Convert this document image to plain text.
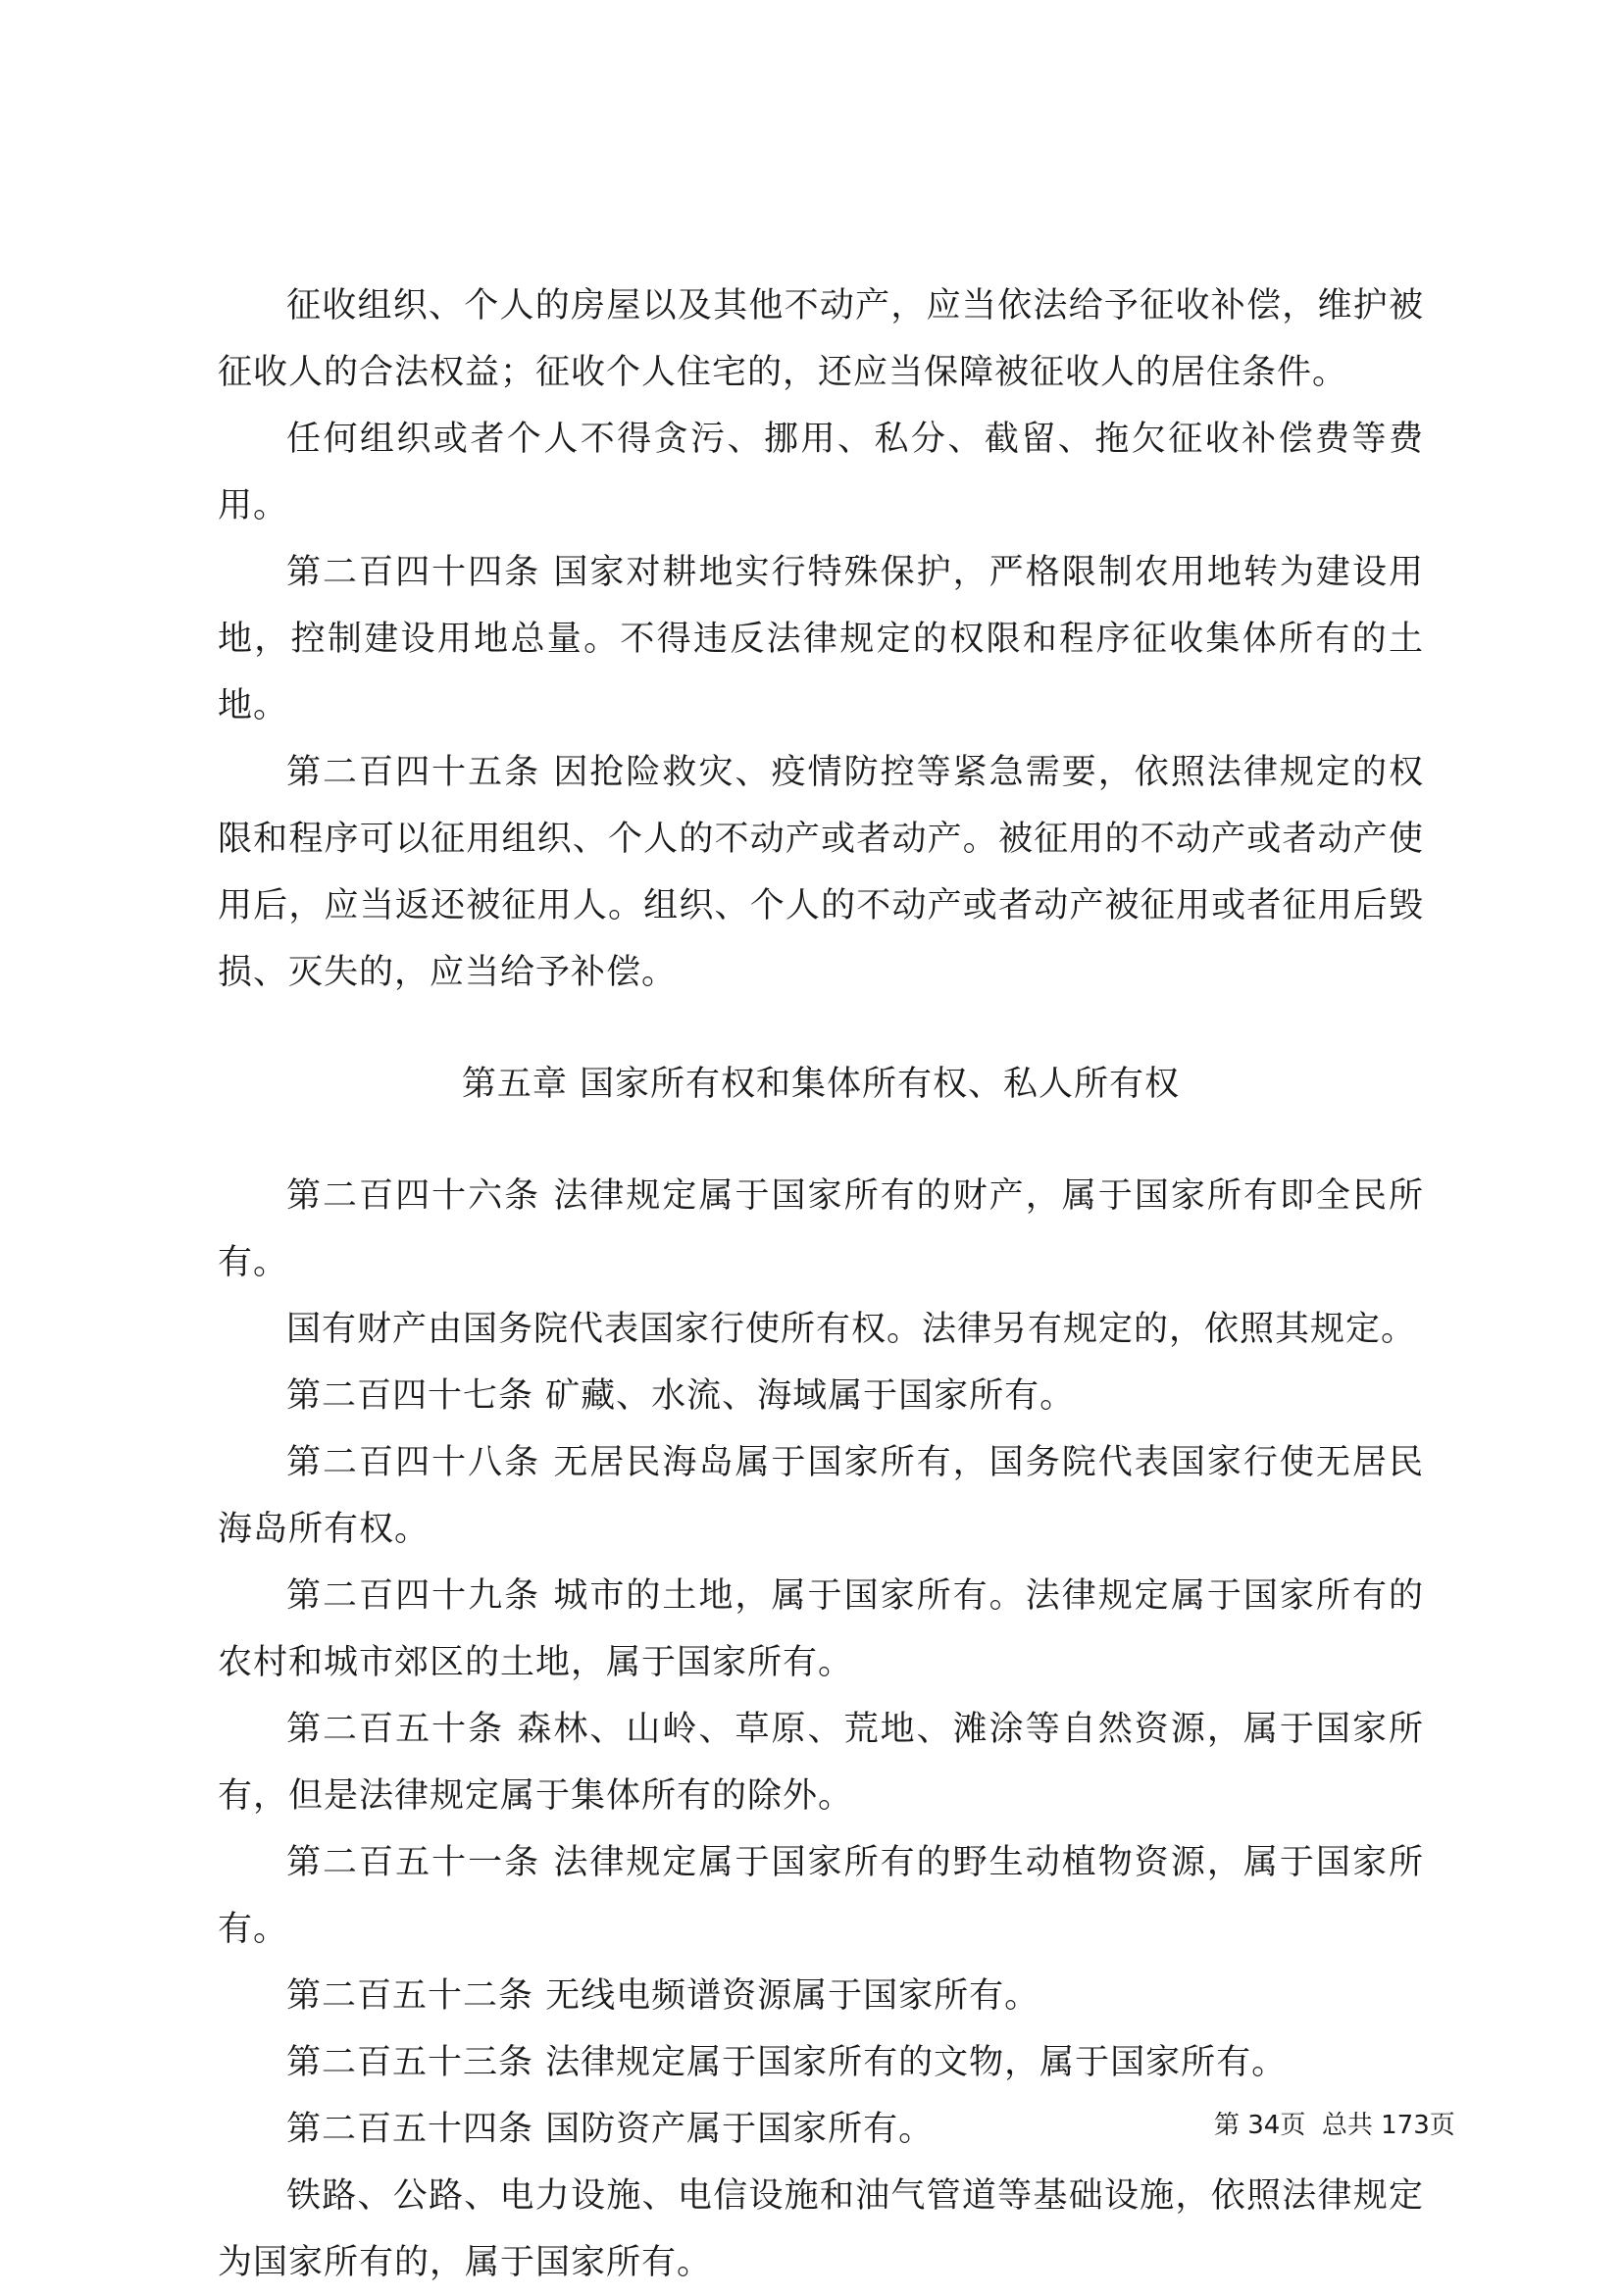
征收组织、个人的房屋以及其他不动产，应当依法给予征收补偿，维护被征收人的合法权益；征收个人住宅的，还应当保障被征收人的居住条件。

任何组织或者个人不得贪污、挪用、私分、截留、拖欠征收补偿费等费用。

第二百四十四条 国家对耕地实行特殊保护，严格限制农用地转为建设用地，控制建设用地总量。不得违反法律规定的权限和程序征收集体所有的土地。

第二百四十五条 因抢险救灾、疫情防控等紧急需要，依照法律规定的权限和程序可以征用组织、个人的不动产或者动产。被征用的不动产或者动产使用后，应当返还被征用人。组织、个人的不动产或者动产被征用或者征用后毁损、灭失的，应当给予补偿。

第五章 国家所有权和集体所有权、私人所有权

第二百四十六条 法律规定属于国家所有的财产，属于国家所有即全民所有。

国有财产由国务院代表国家行使所有权。法律另有规定的，依照其规定。

第二百四十七条 矿藏、水流、海域属于国家所有。

第二百四十八条 无居民海岛属于国家所有，国务院代表国家行使无居民海岛所有权。

第二百四十九条 城市的土地，属于国家所有。法律规定属于国家所有的农村和城市郊区的土地，属于国家所有。

第二百五十条 森林、山岭、草原、荒地、滩涂等自然资源，属于国家所有，但是法律规定属于集体所有的除外。

第二百五十一条 法律规定属于国家所有的野生动植物资源，属于国家所有。

第二百五十二条 无线电频谱资源属于国家所有。

第二百五十三条 法律规定属于国家所有的文物，属于国家所有。

第二百五十四条 国防资产属于国家所有。

铁路、公路、电力设施、电信设施和油气管道等基础设施，依照法律规定为国家所有的，属于国家所有。

第 34页  总共 173页
